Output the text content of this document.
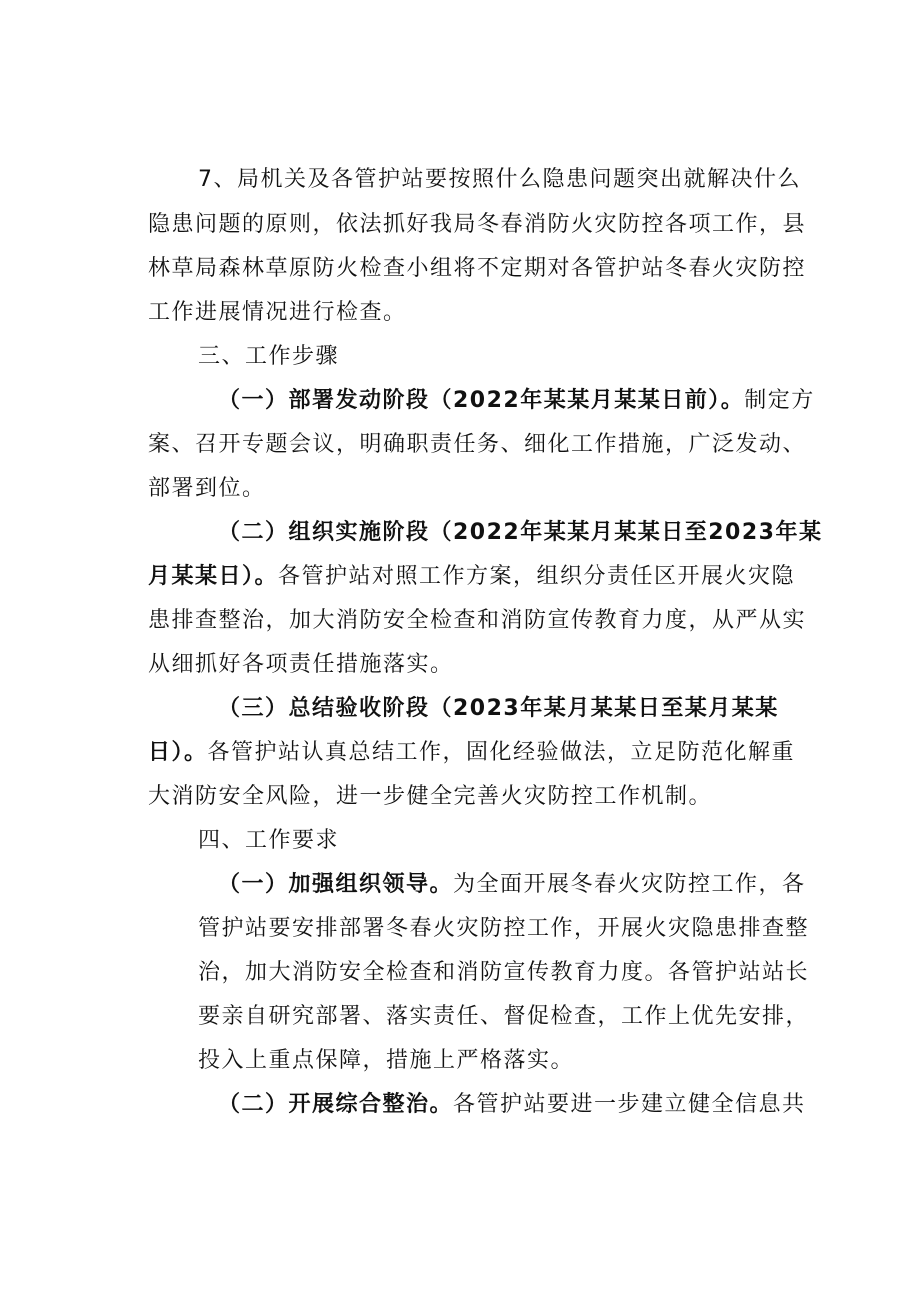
7、局机关及各管护站要按照什么隐患问题突出就解决什么
隐患问题的原则，依法抓好我局冬春消防火灾防控各项工作，县
林草局森林草原防火检查小组将不定期对各管护站冬春火灾防控
工作进展情况进行检查。
三、工作步骤
（一）部署发动阶段（2022年某某月某某日前）。制定方
案、召开专题会议，明确职责任务、细化工作措施，广泛发动、
部署到位。
（二）组织实施阶段（2022年某某月某某日至2023年某
月某某日）。各管护站对照工作方案，组织分责任区开展火灾隐
患排查整治，加大消防安全检查和消防宣传教育力度，从严从实
从细抓好各项责任措施落实。
（三）总结验收阶段（2023年某月某某日至某月某某
日）。各管护站认真总结工作，固化经验做法，立足防范化解重
大消防安全风险，进一步健全完善火灾防控工作机制。
四、工作要求
（一）加强组织领导。为全面开展冬春火灾防控工作，各
管护站要安排部署冬春火灾防控工作，开展火灾隐患排查整
治，加大消防安全检查和消防宣传教育力度。各管护站站长
要亲自研究部署、落实责任、督促检查，工作上优先安排，
投入上重点保障，措施上严格落实。
（二）开展综合整治。各管护站要进一步建立健全信息共
